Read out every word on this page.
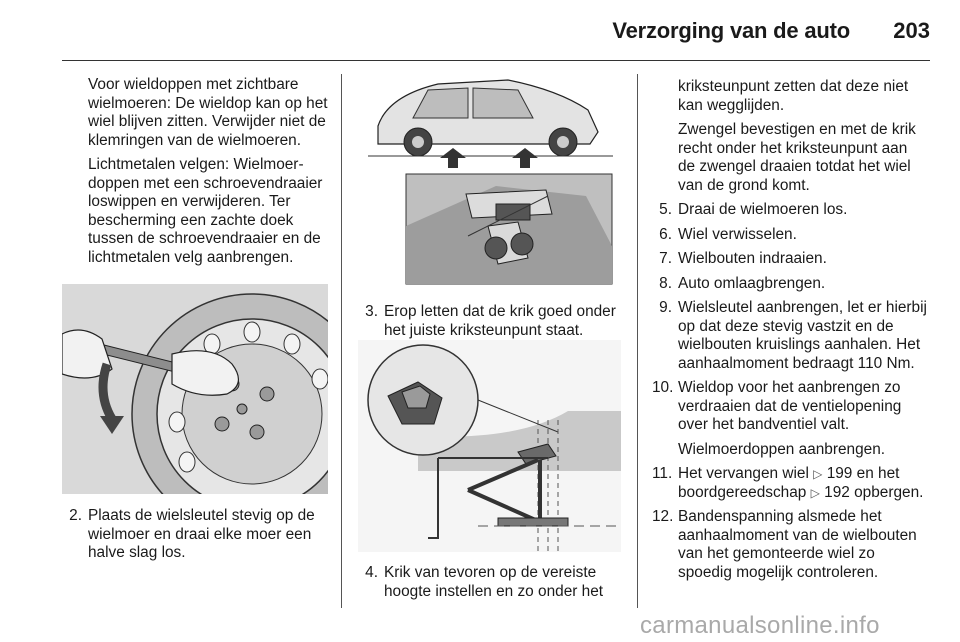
Verzorging van de auto	203
Voor wieldoppen met zichtbare wielmoeren: De wieldop kan op het wiel blijven zitten. Verwijder niet de klemringen van de wielmoeren.
Lichtmetalen velgen: Wielmoerdoppen met een schroevendraaier loswippen en verwijderen. Ter bescherming een zachte doek tussen de schroevendraaier en de lichtmetalen velg aanbrengen.
2. Plaats de wielsleutel stevig op de wielmoer en draai elke moer een halve slag los.
3. Erop letten dat de krik goed onder het juiste kriksteunpunt staat.
4. Krik van tevoren op de vereiste hoogte instellen en zo onder het
kriksteunpunt zetten dat deze niet kan wegglijden.
Zwengel bevestigen en met de krik recht onder het kriksteunpunt aan de zwengel draaien totdat het wiel van de grond komt.
5. Draai de wielmoeren los.
6. Wiel verwisselen.
7. Wielbouten indraaien.
8. Auto omlaagbrengen.
9. Wielsleutel aanbrengen, let er hierbij op dat deze stevig vastzit en de wielbouten kruislings aanhalen. Het aanhaalmoment bedraagt 110 Nm.
10. Wieldop voor het aanbrengen zo verdraaien dat de ventielopening over het bandventiel valt.
Wielmoerdoppen aanbrengen.
11. Het vervangen wiel ▷ 199 en het boordgereedschap ▷ 192 opbergen.
12. Bandenspanning alsmede het aanhaalmoment van de wielbouten van het gemonteerde wiel zo spoedig mogelijk controleren.
carmanualsonline.info
